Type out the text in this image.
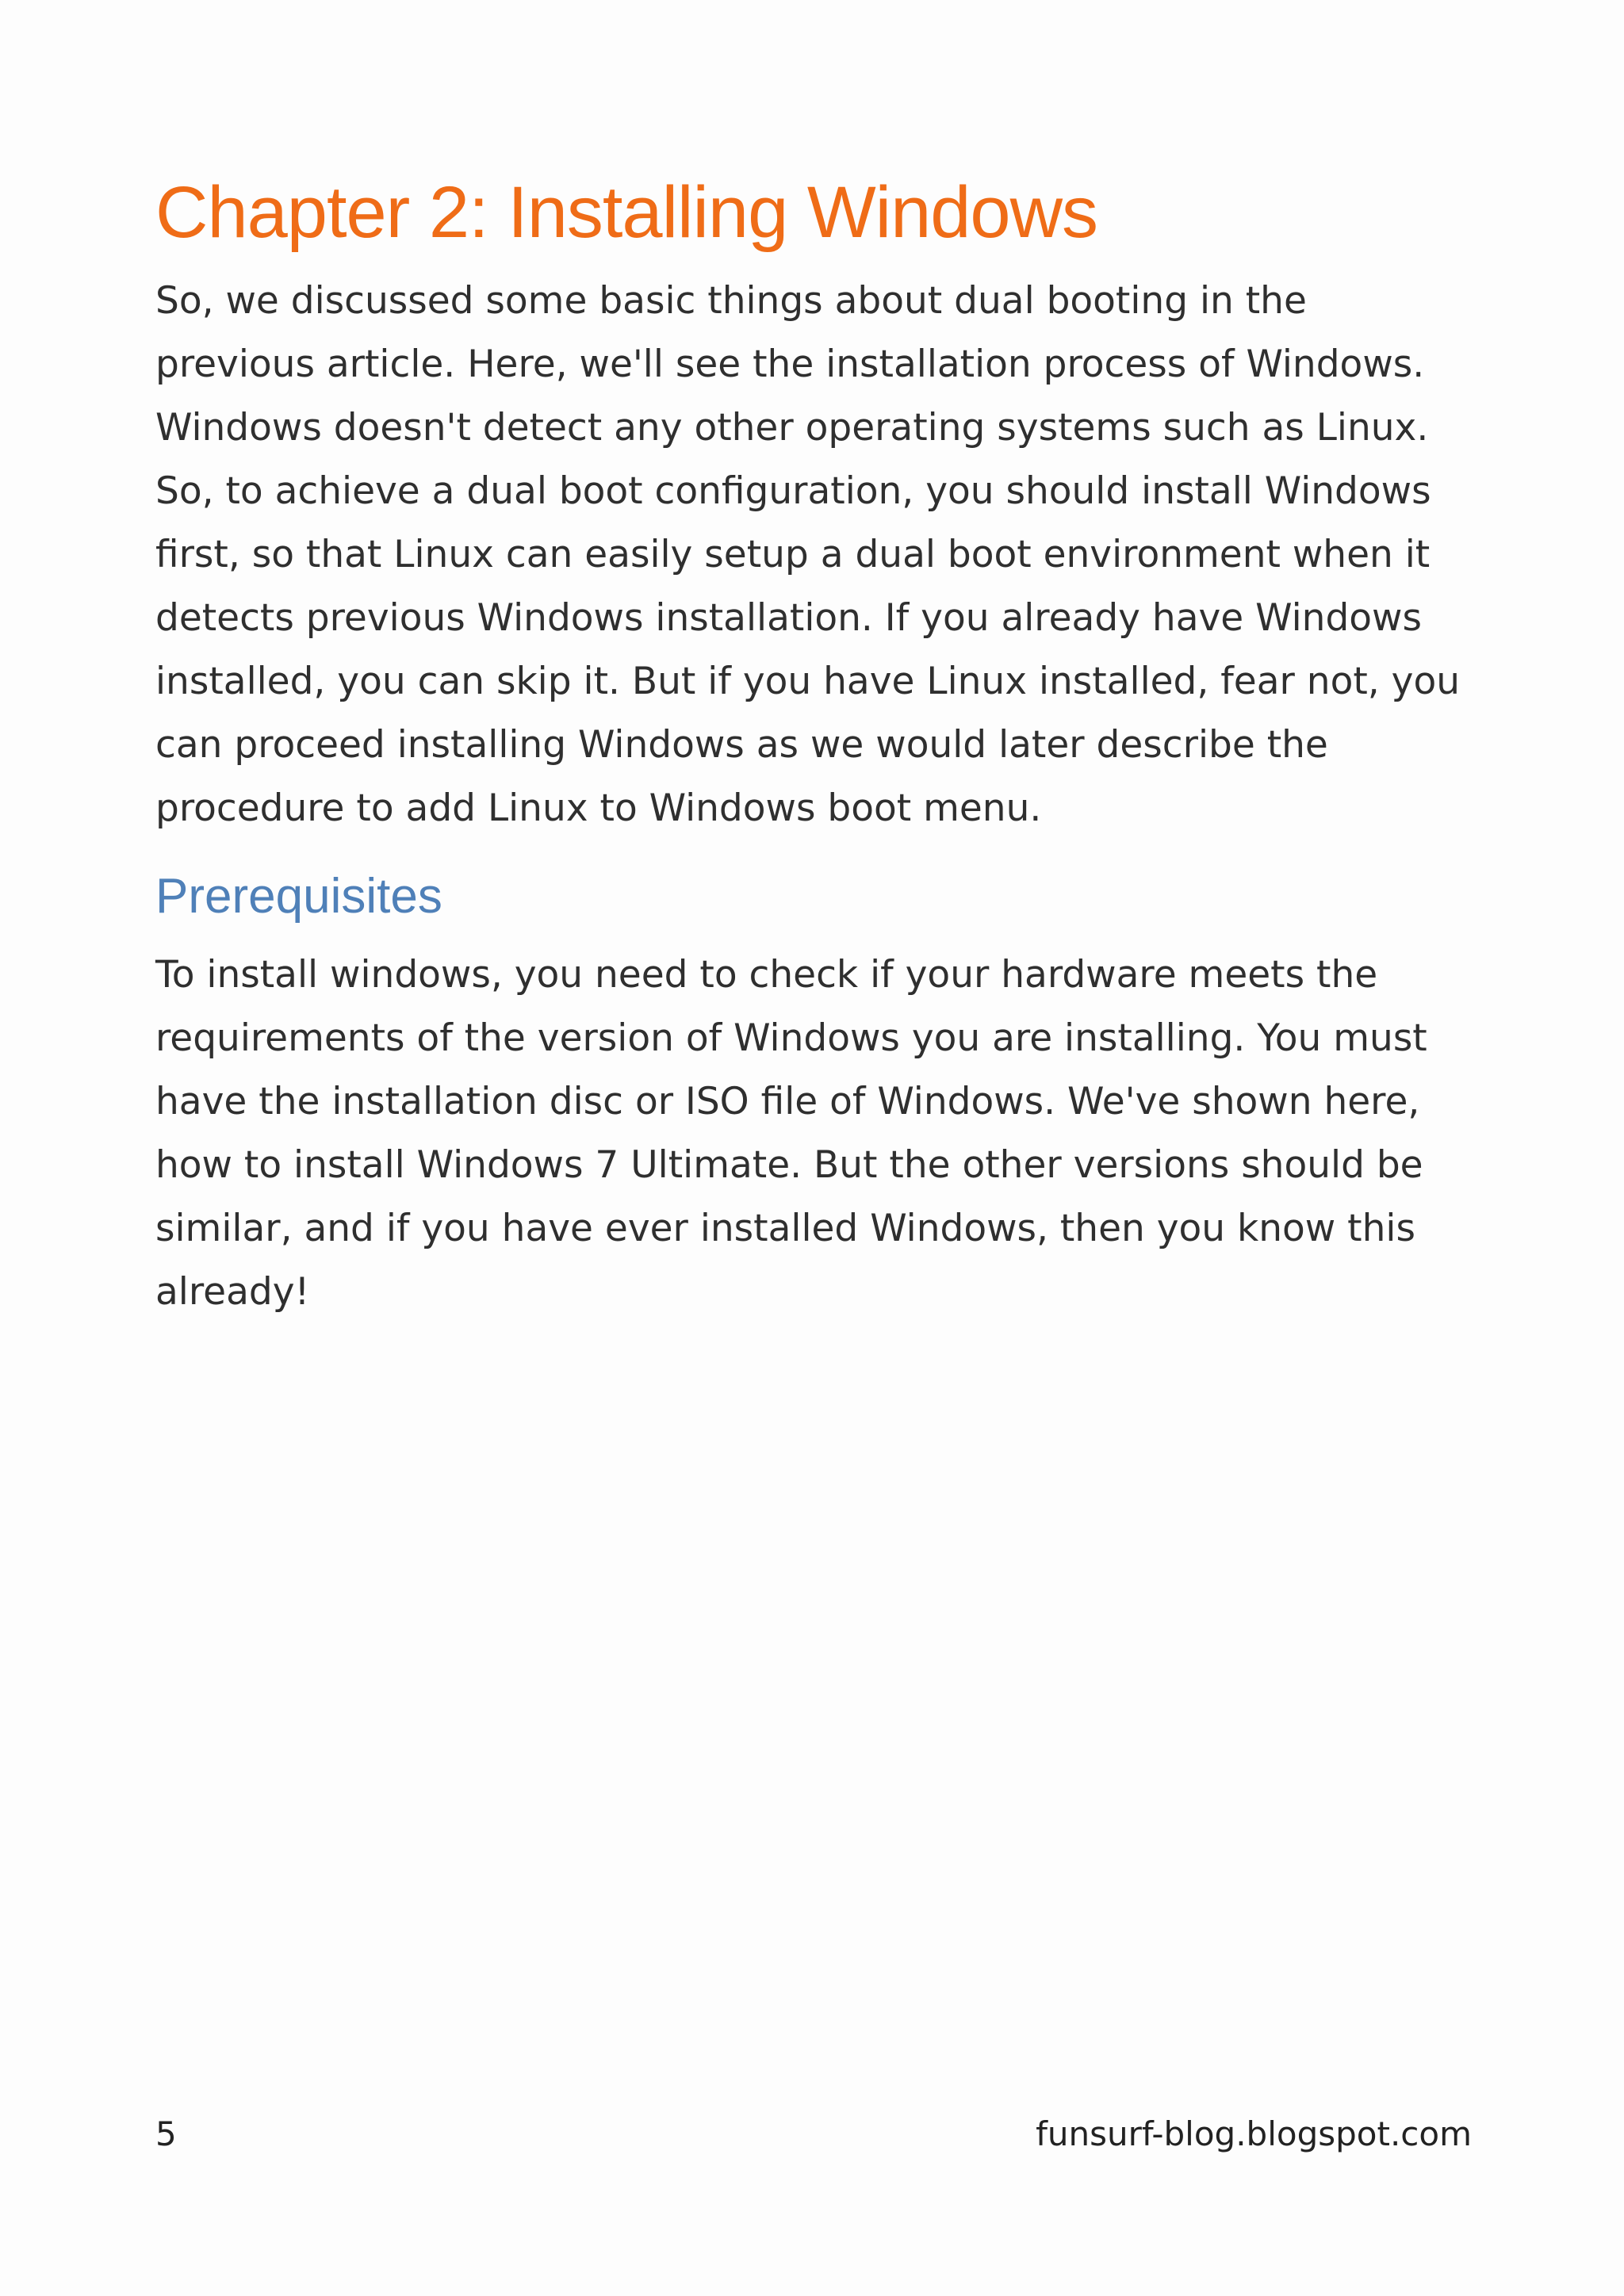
Chapter 2: Installing Windows
So, we discussed some basic things about dual booting in the
previous article. Here, we'll see the installation process of Windows.
Windows doesn't detect any other operating systems such as Linux.
So, to achieve a dual boot configuration, you should install Windows
first, so that Linux can easily setup a dual boot environment when it
detects previous Windows installation. If you already have Windows
installed, you can skip it. But if you have Linux installed, fear not, you
can proceed installing Windows as we would later describe the
procedure to add Linux to Windows boot menu.
Prerequisites
To install windows, you need to check if your hardware meets the
requirements of the version of Windows you are installing. You must
have the installation disc or ISO file of Windows. We've shown here,
how to install Windows 7 Ultimate. But the other versions should be
similar, and if you have ever installed Windows, then you know this
already!
5	funsurf-blog.blogspot.com
